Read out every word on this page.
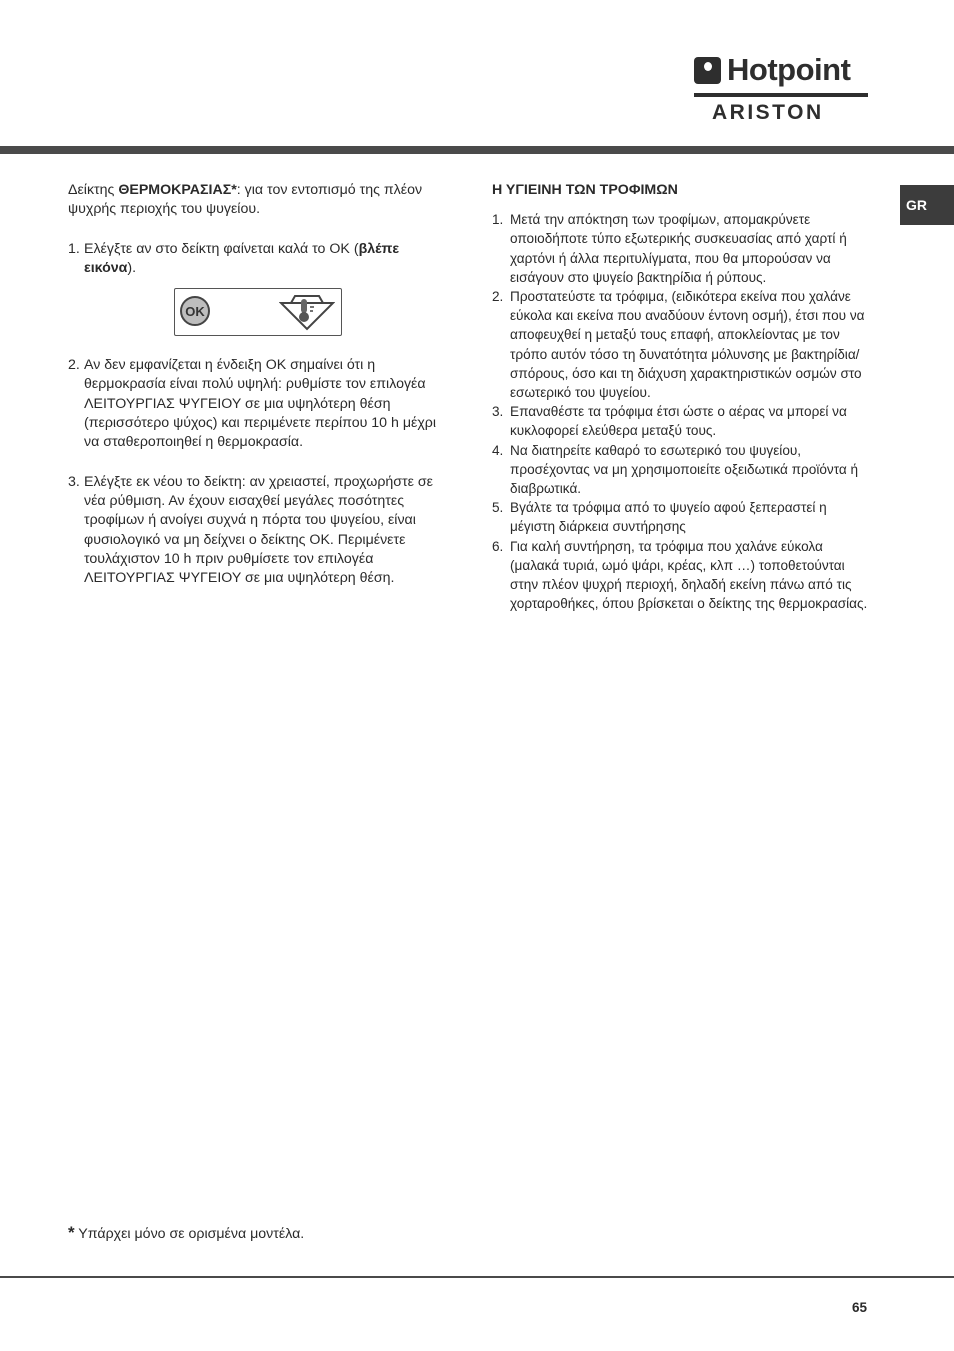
Hotpoint
ARISTON
GR

Δείκτης ΘΕΡΜΟΚΡΑΣΙΑΣ*: για τον εντοπισμό της πλέον ψυχρής περιοχής του ψυγείου.

1. Ελέγξτε αν στο δείκτη φαίνεται καλά το OK (βλέπε εικόνα).
OK
2. Αν δεν εμφανίζεται η ένδειξη OK σημαίνει ότι η θερμοκρασία είναι πολύ υψηλή: ρυθμίστε τον επιλογέα ΛΕΙΤΟΥΡΓΙΑΣ ΨΥΓΕΙΟΥ σε μια υψηλότερη θέση (περισσότερο ψύχος) και περιμένετε περίπου 10 h μέχρι να σταθεροποιηθεί η θερμοκρασία.
3. Ελέγξτε εκ νέου το δείκτη: αν χρειαστεί, προχωρήστε σε νέα ρύθμιση. Αν έχουν εισαχθεί μεγάλες ποσότητες τροφίμων ή ανοίγει συχνά η πόρτα του ψυγείου, είναι φυσιολογικό να μη δείχνει ο δείκτης OK. Περιμένετε τουλάχιστον 10 h πριν ρυθμίσετε τον επιλογέα ΛΕΙΤΟΥΡΓΙΑΣ ΨΥΓΕΙΟΥ σε μια υψηλότερη θέση.
Η ΥΓΙΕΙΝΗ ΤΩΝ ΤΡΟΦΙΜΩΝ
1. Μετά την απόκτηση των τροφίμων, απομακρύνετε οποιοδήποτε τύπο εξωτερικής συσκευασίας από χαρτί ή χαρτόνι ή άλλα περιτυλίγματα, που θα μπορούσαν να εισάγουν στο ψυγείο βακτηρίδια ή ρύπους.
2. Προστατεύστε τα τρόφιμα, (ειδικότερα εκείνα που χαλάνε εύκολα και εκείνα που αναδύουν έντονη οσμή), έτσι που να αποφευχθεί η μεταξύ τους επαφή, αποκλείοντας με τον τρόπο αυτόν τόσο τη δυνατότητα μόλυνσης με βακτηρίδια/σπόρους, όσο και τη διάχυση χαρακτηριστικών οσμών στο εσωτερικό του ψυγείου.
3. Επαναθέστε τα τρόφιμα έτσι ώστε ο αέρας να μπορεί να κυκλοφορεί ελεύθερα μεταξύ τους.
4. Να διατηρείτε καθαρό το εσωτερικό του ψυγείου, προσέχοντας να μη χρησιμοποιείτε οξειδωτικά προϊόντα ή διαβρωτικά.
5. Βγάλτε τα τρόφιμα από το ψυγείο αφού ξεπεραστεί η μέγιστη διάρκεια συντήρησης
6. Για καλή συντήρηση, τα τρόφιμα που χαλάνε εύκολα (μαλακά τυριά, ωμό ψάρι, κρέας, κλπ …) τοποθετούνται στην πλέον ψυχρή περιοχή, δηλαδή εκείνη πάνω από τις χορταροθήκες, όπου βρίσκεται ο δείκτης της θερμοκρασίας.
* Υπάρχει μόνο σε ορισμένα μοντέλα.
65
